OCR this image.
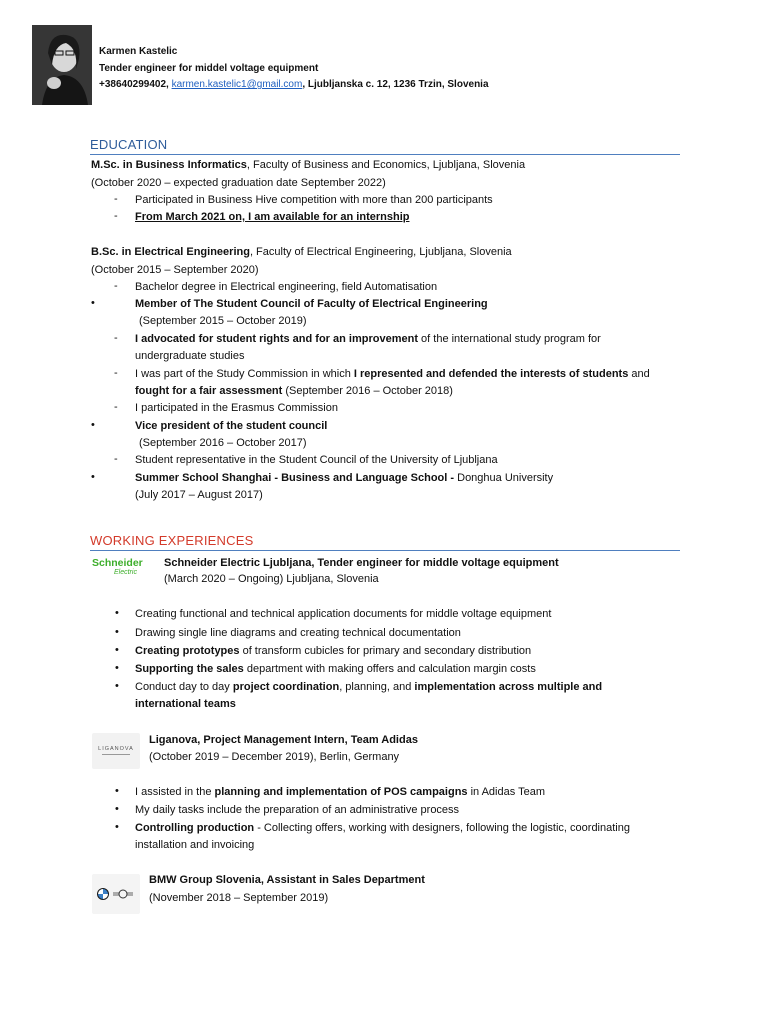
Karmen Kastelic
Tender engineer for middel voltage equipment
+38640299402, karmen.kastelic1@gmail.com, Ljubljanska c. 12, 1236 Trzin, Slovenia
EDUCATION
M.Sc. in Business Informatics, Faculty of Business and Economics, Ljubljana, Slovenia
(October 2020 – expected graduation date September 2022)
- Participated in Business Hive competition with more than 200 participants
- From March 2021 on, I am available for an internship
B.Sc. in Electrical Engineering, Faculty of Electrical Engineering, Ljubljana, Slovenia
(October 2015 – September 2020)
- Bachelor degree in Electrical engineering, field Automatisation
•	Member of The Student Council of Faculty of Electrical Engineering
(September 2015 – October 2019)
- I advocated for student rights and for an improvement of the international study program for
undergraduate studies
- I was part of the Study Commission in which I represented and defended the interests of students and
fought for a fair assessment (September 2016 – October 2018)
- I participated in the Erasmus Commission
•	Vice president of the student council
(September 2016 – October 2017)
- Student representative in the Student Council of the University of Ljubljana
•	Summer School Shanghai - Business and Language School - Donghua University
(July 2017 – August 2017)
WORKING EXPERIENCES
Schneider
Electric
Schneider Electric Ljubljana, Tender engineer for middle voltage equipment
(March 2020 – Ongoing) Ljubljana, Slovenia
• Creating functional and technical application documents for middle voltage equipment
• Drawing single line diagrams and creating technical documentation
• Creating prototypes of transform cubicles for primary and secondary distribution
• Supporting the sales department with making offers and calculation margin costs
• Conduct day to day project coordination, planning, and implementation across multiple and
international teams
LIGANOVA
Liganova, Project Management Intern, Team Adidas
(October 2019 – December 2019), Berlin, Germany
• I assisted in the planning and implementation of POS campaigns in Adidas Team
• My daily tasks include the preparation of an administrative process
• Controlling production - Collecting offers, working with designers, following the logistic, coordinating
installation and invoicing
BMW Group Slovenia, Assistant in Sales Department
(November 2018 – September 2019)
